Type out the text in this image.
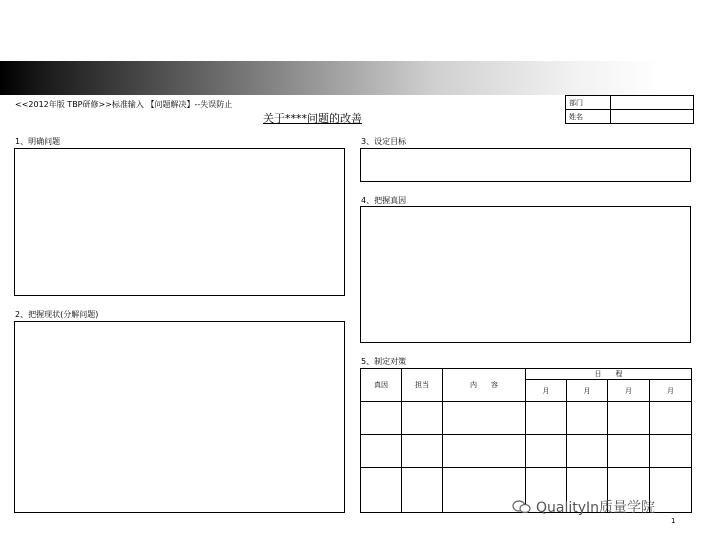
<<2012年版 TBP研修>>标准输入 【问题解决】--失误防止
关于****问题的改善
部门	
姓名	
1、明确问题
2、把握现状(分解问题)
3、设定目标
4、把握真因
5、制定对策
真因	担当	内　　容	日　　程			
			月	月	月	月

QualityIn质量学院
1
